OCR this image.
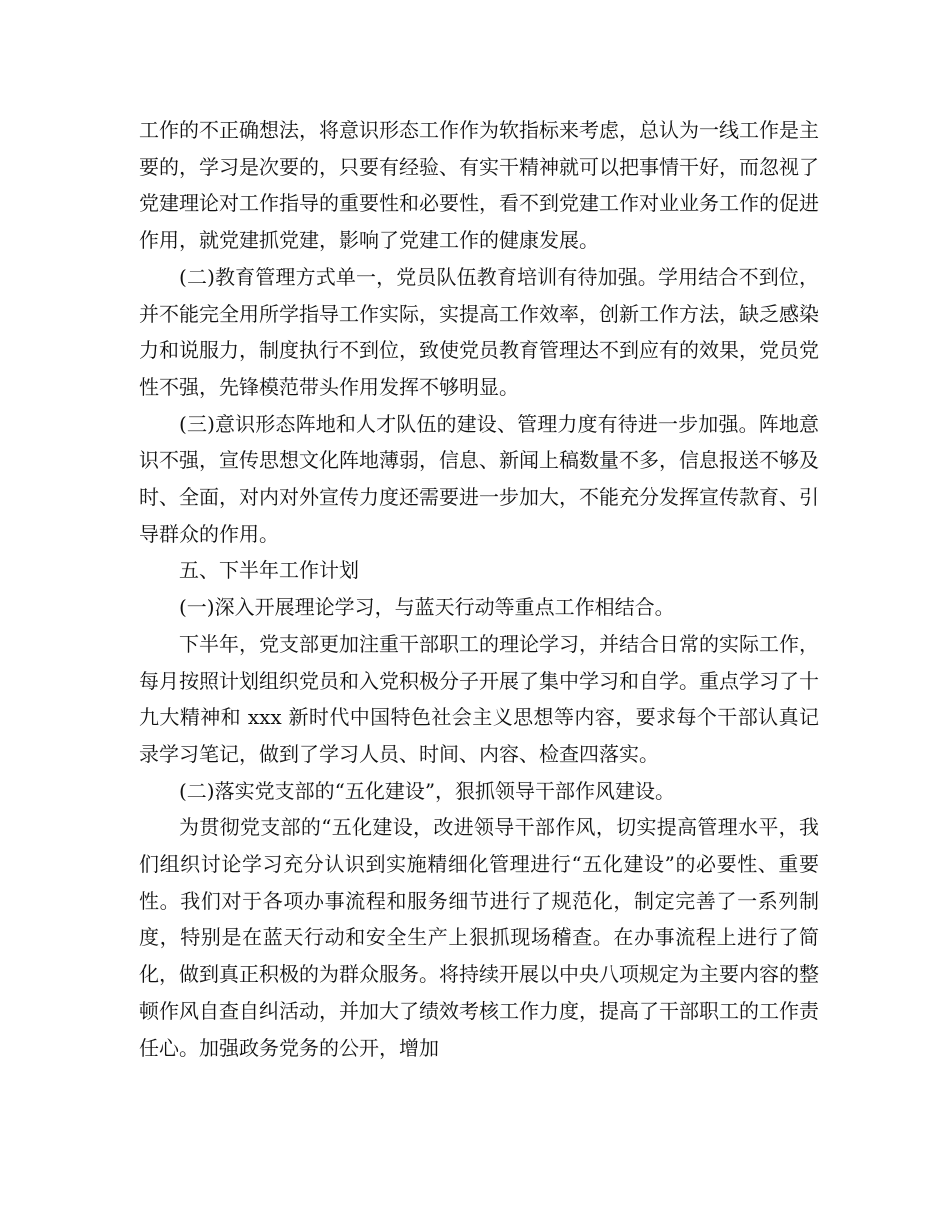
工作的不正确想法，将意识形态工作作为软指标来考虑，总认为一线工作是主要的，学习是次要的，只要有经验、有实干精神就可以把事情干好，而忽视了党建理论对工作指导的重要性和必要性，看不到党建工作对业业务工作的促进作用，就党建抓党建，影响了党建工作的健康发展。

(二)教育管理方式单一，党员队伍教育培训有待加强。学用结合不到位，并不能完全用所学指导工作实际，实提高工作效率，创新工作方法，缺乏感染力和说服力，制度执行不到位，致使党员教育管理达不到应有的效果，党员党性不强，先锋模范带头作用发挥不够明显。

(三)意识形态阵地和人才队伍的建设、管理力度有待进一步加强。阵地意识不强，宣传思想文化阵地薄弱，信息、新闻上稿数量不多，信息报送不够及时、全面，对内对外宣传力度还需要进一步加大，不能充分发挥宣传款育、引导群众的作用。

五、下半年工作计划

(一)深入开展理论学习，与蓝天行动等重点工作相结合。

下半年，党支部更加注重干部职工的理论学习，并结合日常的实际工作，每月按照计划组织党员和入党积极分子开展了集中学习和自学。重点学习了十九大精神和 xxx 新时代中国特色社会主义思想等内容，要求每个干部认真记录学习笔记，做到了学习人员、时间、内容、检查四落实。

(二)落实党支部的“五化建设”，狠抓领导干部作风建设。

为贯彻党支部的“五化建设，改进领导干部作风，切实提高管理水平，我们组织讨论学习充分认识到实施精细化管理进行“五化建设”的必要性、重要性。我们对于各项办事流程和服务细节进行了规范化，制定完善了一系列制度，特别是在蓝天行动和安全生产上狠抓现场稽查。在办事流程上进行了简化，做到真正积极的为群众服务。将持续开展以中央八项规定为主要内容的整顿作风自查自纠活动，并加大了绩效考核工作力度，提高了干部职工的工作责任心。加强政务党务的公开，增加
